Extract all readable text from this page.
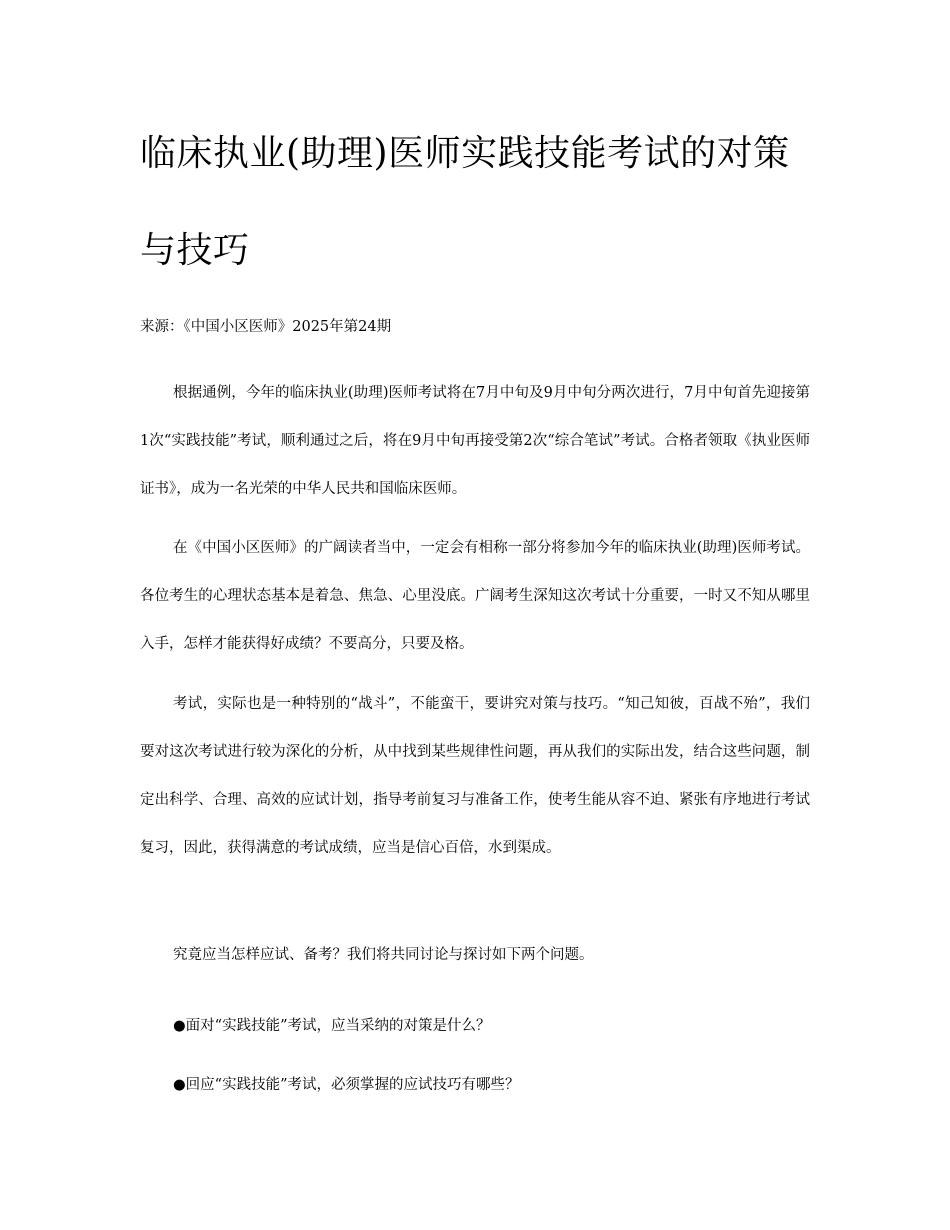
临床执业(助理)医师实践技能考试的对策与技巧

来源：《中国小区医师》2025年第24期

根据通例，今年的临床执业(助理)医师考试将在7月中旬及9月中旬分两次进行，7月中旬首先迎接第1次“实践技能”考试，顺利通过之后，将在9月中旬再接受第2次“综合笔试”考试。合格者领取《执业医师证书》，成为一名光荣的中华人民共和国临床医师。

在《中国小区医师》的广阔读者当中，一定会有相称一部分将参加今年的临床执业(助理)医师考试。各位考生的心理状态基本是着急、焦急、心里没底。广阔考生深知这次考试十分重要，一时又不知从哪里入手，怎样才能获得好成绩？不要高分，只要及格。

考试，实际也是一种特别的“战斗”，不能蛮干，要讲究对策与技巧。“知己知彼，百战不殆”，我们要对这次考试进行较为深化的分析，从中找到某些规律性问题，再从我们的实际出发，结合这些问题，制定出科学、合理、高效的应试计划，指导考前复习与准备工作，使考生能从容不迫、紧张有序地进行考试复习，因此，获得满意的考试成绩，应当是信心百倍，水到渠成。

究竟应当怎样应试、备考？我们将共同讨论与探讨如下两个问题。

●面对“实践技能”考试，应当采纳的对策是什么？

●回应“实践技能”考试，必须掌握的应试技巧有哪些？
